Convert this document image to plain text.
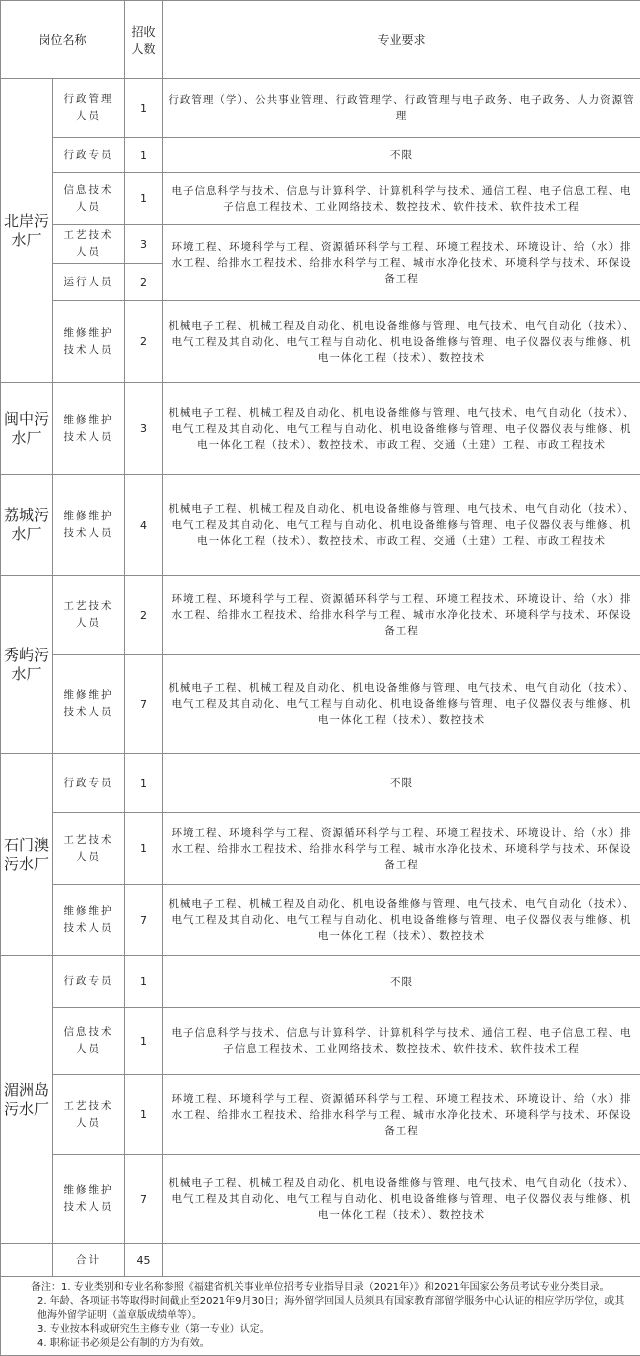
岗位名称		招收人数	专业要求
北岸污水厂	行政管理人员	1	行政管理（学）、公共事业管理、行政管理学、行政管理与电子政务、电子政务、人力资源管理
	行政专员	1	不限
	信息技术人员	1	电子信息科学与技术、信息与计算科学、计算机科学与技术、通信工程、电子信息工程、电子信息工程技术、工业网络技术、数控技术、软件技术、软件技术工程
	工艺技术人员	3	环境工程、环境科学与工程、资源循环科学与工程、环境工程技术、环境设计、给（水）排水工程、给排水工程技术、给排水科学与工程、城市水净化技术、环境科学与技术、环保设备工程
	运行人员	2	
	维修维护技术人员	2	机械电子工程、机械工程及自动化、机电设备维修与管理、电气技术、电气自动化（技术）、电气工程及其自动化、电气工程与自动化、机电设备维修与管理、电子仪器仪表与维修、机电一体化工程（技术）、数控技术
闽中污水厂	维修维护技术人员	3	机械电子工程、机械工程及自动化、机电设备维修与管理、电气技术、电气自动化（技术）、电气工程及其自动化、电气工程与自动化、机电设备维修与管理、电子仪器仪表与维修、机电一体化工程（技术）、数控技术、市政工程、交通（土建）工程、市政工程技术
荔城污水厂	维修维护技术人员	4	机械电子工程、机械工程及自动化、机电设备维修与管理、电气技术、电气自动化（技术）、电气工程及其自动化、电气工程与自动化、机电设备维修与管理、电子仪器仪表与维修、机电一体化工程（技术）、数控技术、市政工程、交通（土建）工程、市政工程技术
秀屿污水厂	工艺技术人员	2	环境工程、环境科学与工程、资源循环科学与工程、环境工程技术、环境设计、给（水）排水工程、给排水工程技术、给排水科学与工程、城市水净化技术、环境科学与技术、环保设备工程
	维修维护技术人员	7	机械电子工程、机械工程及自动化、机电设备维修与管理、电气技术、电气自动化（技术）、电气工程及其自动化、电气工程与自动化、机电设备维修与管理、电子仪器仪表与维修、机电一体化工程（技术）、数控技术
石门澳污水厂	行政专员	1	不限
	工艺技术人员	1	环境工程、环境科学与工程、资源循环科学与工程、环境工程技术、环境设计、给（水）排水工程、给排水工程技术、给排水科学与工程、城市水净化技术、环境科学与技术、环保设备工程
	维修维护技术人员	7	机械电子工程、机械工程及自动化、机电设备维修与管理、电气技术、电气自动化（技术）、电气工程及其自动化、电气工程与自动化、机电设备维修与管理、电子仪器仪表与维修、机电一体化工程（技术）、数控技术
湄洲岛污水厂	行政专员	1	不限
	信息技术人员	1	电子信息科学与技术、信息与计算科学、计算机科学与技术、通信工程、电子信息工程、电子信息工程技术、工业网络技术、数控技术、软件技术、软件技术工程
	工艺技术人员	1	环境工程、环境科学与工程、资源循环科学与工程、环境工程技术、环境设计、给（水）排水工程、给排水工程技术、给排水科学与工程、城市水净化技术、环境科学与技术、环保设备工程
	维修维护技术人员	7	机械电子工程、机械工程及自动化、机电设备维修与管理、电气技术、电气自动化（技术）、电气工程及其自动化、电气工程与自动化、机电设备维修与管理、电子仪器仪表与维修、机电一体化工程（技术）、数控技术
	合计	45	

备注：1. 专业类别和专业名称参照《福建省机关事业单位招考专业指导目录（2021年）》和2021年国家公务员考试专业分类目录。
2. 年龄、各项证书等取得时间截止至2021年9月30日；海外留学回国人员须具有国家教育部留学服务中心认证的相应学历学位，或其他海外留学证明（盖章版成绩单等）。
3. 专业按本科或研究生主修专业（第一专业）认定。
4. 职称证书必须是公有制的方为有效。			
